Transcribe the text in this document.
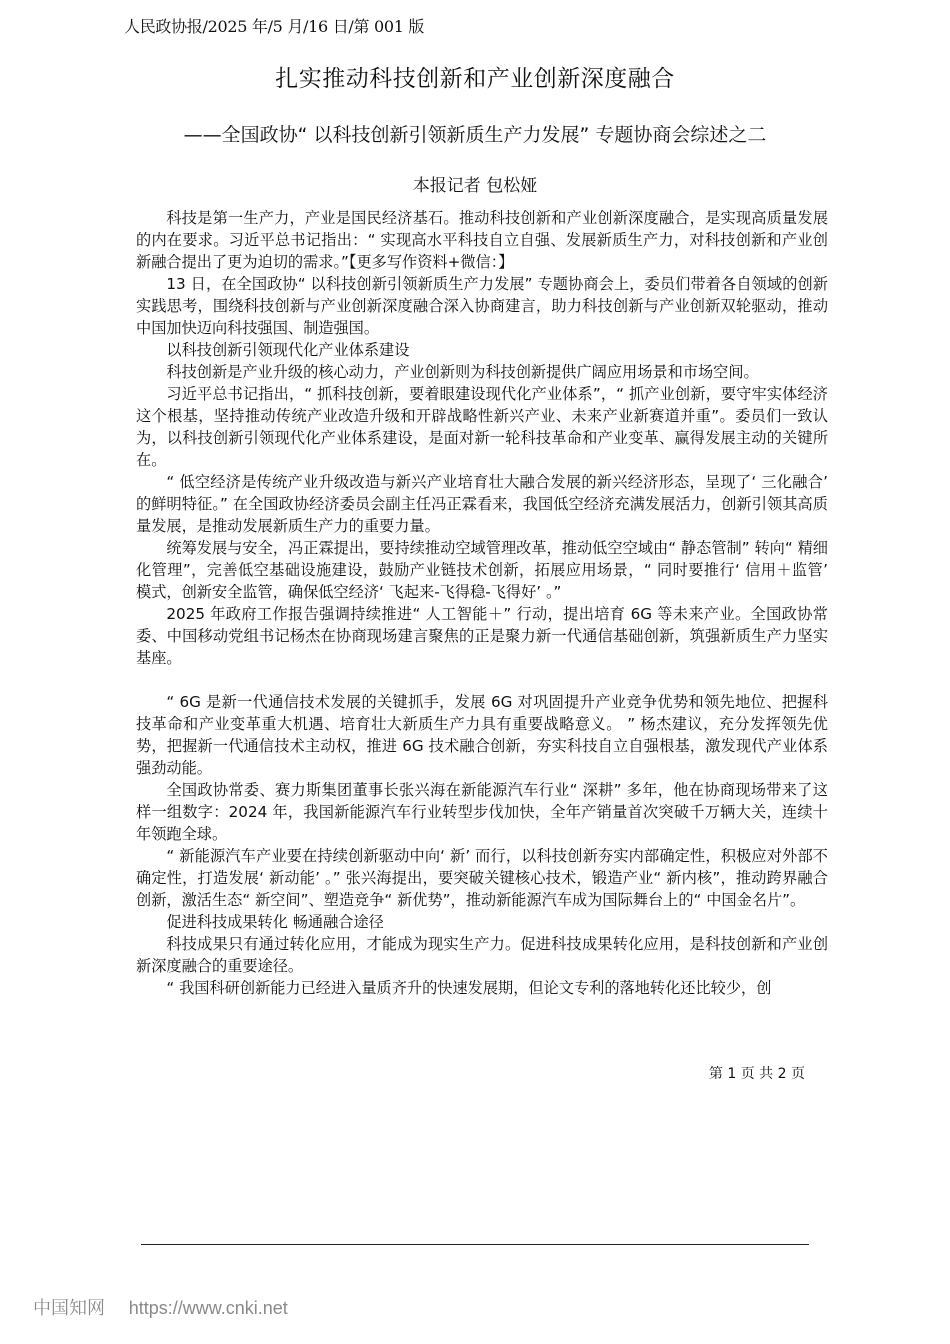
人民政协报/2025 年/5 月/16 日/第 001 版
扎实推动科技创新和产业创新深度融合
——全国政协“ 以科技创新引领新质生产力发展” 专题协商会综述之二
本报记者 包松娅

科技是第一生产力，产业是国民经济基石。推动科技创新和产业创新深度融合，是实现高质量发展的内在要求。习近平总书记指出：“ 实现高水平科技自立自强、发展新质生产力，对科技创新和产业创新融合提出了更为迫切的需求。”【更多写作资料+微信：】

13 日，在全国政协“ 以科技创新引领新质生产力发展” 专题协商会上，委员们带着各自领域的创新实践思考，围绕科技创新与产业创新深度融合深入协商建言，助力科技创新与产业创新双轮驱动，推动中国加快迈向科技强国、制造强国。

以科技创新引领现代化产业体系建设

科技创新是产业升级的核心动力，产业创新则为科技创新提供广阔应用场景和市场空间。

习近平总书记指出，“ 抓科技创新，要着眼建设现代化产业体系”，“ 抓产业创新，要守牢实体经济这个根基，坚持推动传统产业改造升级和开辟战略性新兴产业、未来产业新赛道并重”。委员们一致认为，以科技创新引领现代化产业体系建设，是面对新一轮科技革命和产业变革、赢得发展主动的关键所在。

“ 低空经济是传统产业升级改造与新兴产业培育壮大融合发展的新兴经济形态，呈现了‘ 三化融合’ 的鲜明特征。” 在全国政协经济委员会副主任冯正霖看来，我国低空经济充满发展活力，创新引领其高质量发展，是推动发展新质生产力的重要力量。

统筹发展与安全，冯正霖提出，要持续推动空域管理改革，推动低空空域由“ 静态管制” 转向“ 精细化管理”，完善低空基础设施建设，鼓励产业链技术创新，拓展应用场景，“ 同时要推行‘ 信用＋监管’ 模式，创新安全监管，确保低空经济‘ 飞起来-飞得稳-飞得好’ 。”

2025 年政府工作报告强调持续推进“ 人工智能＋” 行动，提出培育 6G 等未来产业。全国政协常委、中国移动党组书记杨杰在协商现场建言聚焦的正是聚力新一代通信基础创新，筑强新质生产力坚实基座。

“ 6G 是新一代通信技术发展的关键抓手，发展 6G 对巩固提升产业竞争优势和领先地位、把握科技革命和产业变革重大机遇、培育壮大新质生产力具有重要战略意义。 ” 杨杰建议，充分发挥领先优势，把握新一代通信技术主动权，推进 6G 技术融合创新，夯实科技自立自强根基，激发现代产业体系强劲动能。

全国政协常委、赛力斯集团董事长张兴海在新能源汽车行业“ 深耕” 多年，他在协商现场带来了这样一组数字：2024 年，我国新能源汽车行业转型步伐加快，全年产销量首次突破千万辆大关，连续十年领跑全球。

“ 新能源汽车产业要在持续创新驱动中向‘ 新’ 而行，以科技创新夯实内部确定性，积极应对外部不确定性，打造发展‘ 新动能’ 。” 张兴海提出，要突破关键核心技术，锻造产业“ 新内核”，推动跨界融合创新，激活生态“ 新空间”、塑造竞争“ 新优势”，推动新能源汽车成为国际舞台上的“ 中国金名片”。

促进科技成果转化 畅通融合途径

科技成果只有通过转化应用，才能成为现实生产力。促进科技成果转化应用，是科技创新和产业创新深度融合的重要途径。

“ 我国科研创新能力已经进入量质齐升的快速发展期，但论文专利的落地转化还比较少，创

第 1 页 共 2 页
中国知网 https://www.cnki.net
